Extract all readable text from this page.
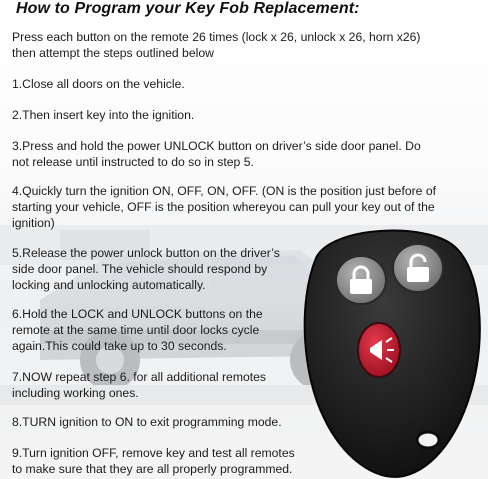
How to Program your Key Fob Replacement:
Press each button on the remote 26 times (lock x 26, unlock x 26, horn x26)
then attempt the steps outlined below
1.Close all doors on the vehicle.
2.Then insert key into the ignition.
3.Press and hold the power UNLOCK button on driver’s side door panel. Do
not release until instructed to do so in step 5.
4.Quickly turn the ignition ON, OFF, ON, OFF. (ON is the position just before of
starting your vehicle, OFF is the position whereyou can pull your key out of the
ignition)
5.Release the power unlock button on the driver’s
side door panel. The vehicle should respond by
locking and unlocking automatically.
6.Hold the LOCK and UNLOCK buttons on the
remote at the same time until door locks cycle
again.This could take up to 30 seconds.
7.NOW repeat step 6. for all additional remotes
including working ones.
8.TURN ignition to ON to exit programming mode.
9.Turn ignition OFF, remove key and test all remotes
to make sure that they are all properly programmed.
